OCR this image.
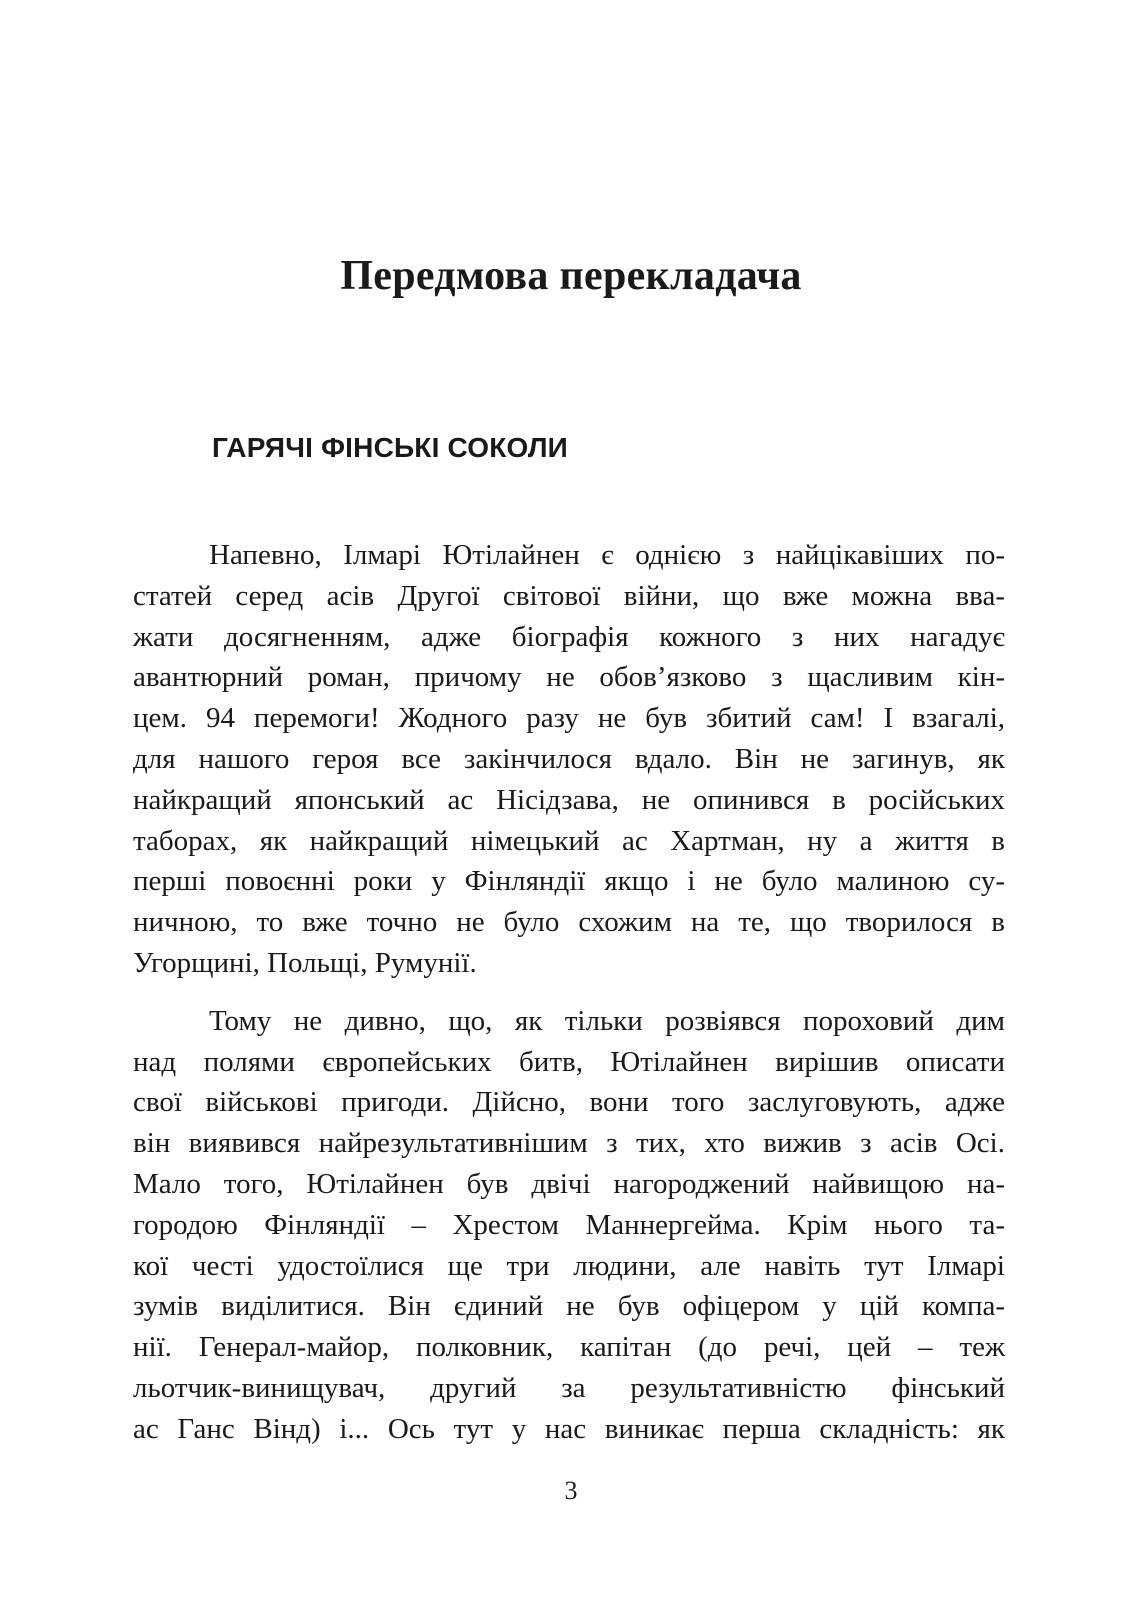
Передмова перекладача
ГАРЯЧІ ФІНСЬКІ СОКОЛИ

Напевно, Ілмарі Ютілайнен є однією з найцікавіших по-
статей серед асів Другої світової війни, що вже можна вва-
жати досягненням, адже біографія кожного з них нагадує
авантюрний роман, причому не обов’язково з щасливим кін-
цем. 94 перемоги! Жодного разу не був збитий сам! І взагалі,
для нашого героя все закінчилося вдало. Він не загинув, як
найкращий японський ас Нісідзава, не опинився в російських
таборах, як найкращий німецький ас Хартман, ну а життя в
перші повоєнні роки у Фінляндії якщо і не було малиною су-
ничною, то вже точно не було схожим на те, що творилося в
Угорщині, Польщі, Румунії.

Тому не дивно, що, як тільки розвіявся пороховий дим
над полями європейських битв, Ютілайнен вирішив описати
свої військові пригоди. Дійсно, вони того заслуговують, адже
він виявився найрезультативнішим з тих, хто вижив з асів Осі.
Мало того, Ютілайнен був двічі нагороджений найвищою на-
городою Фінляндії – Хрестом Маннергейма. Крім нього та-
кої честі удостоїлися ще три людини, але навіть тут Ілмарі
зумів виділитися. Він єдиний не був офіцером у цій компа-
нії. Генерал-майор, полковник, капітан (до речі, цей – теж
льотчик-винищувач, другий за результативністю фінський
ас Ганс Вінд) і... Ось тут у нас виникає перша складність: як

3
